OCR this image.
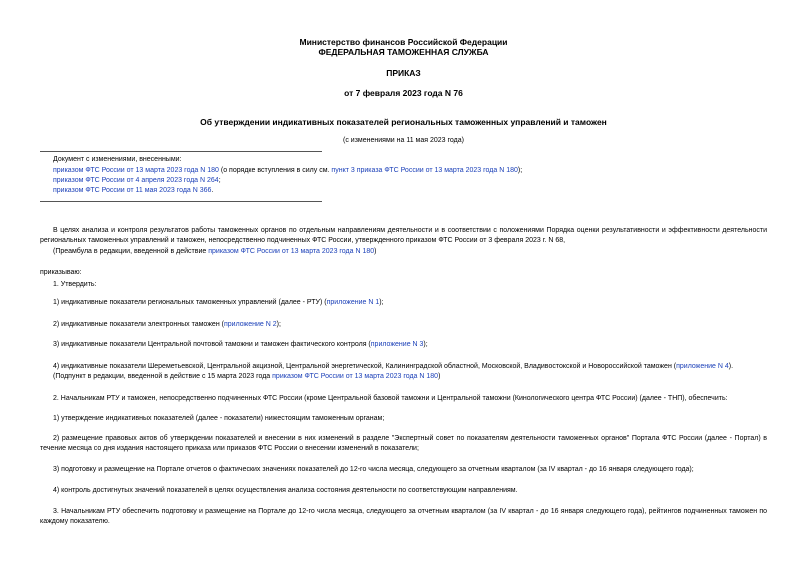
Министерство финансов Российской Федерации
ФЕДЕРАЛЬНАЯ ТАМОЖЕННАЯ СЛУЖБА
ПРИКАЗ
от 7 февраля 2023 года N 76
Об утверждении индикативных показателей региональных таможенных управлений и таможен
(с изменениями на 11 мая 2023 года)
Документ с изменениями, внесенными:
приказом ФТС России от 13 марта 2023 года N 180 (о порядке вступления в силу см. пункт 3 приказа ФТС России от 13 марта 2023 года N 180);
приказом ФТС России от 4 апреля 2023 года N 264;
приказом ФТС России от 11 мая 2023 года N 366.
В целях анализа и контроля результатов работы таможенных органов по отдельным направлениям деятельности и в соответствии с положениями Порядка оценки результативности и эффективности деятельности региональных таможенных управлений и таможен, непосредственно подчиненных ФТС России, утвержденного приказом ФТС России от 3 февраля 2023 г. N 68,
(Преамбула в редакции, введенной в действие приказом ФТС России от 13 марта 2023 года N 180)
приказываю:
1. Утвердить:
1) индикативные показатели региональных таможенных управлений (далее - РТУ) (приложение N 1);
2) индикативные показатели электронных таможен (приложение N 2);
3) индикативные показатели Центральной почтовой таможни и таможен фактического контроля (приложение N 3);
4) индикативные показатели Шереметьевской, Центральной акцизной, Центральной энергетической, Калининградской областной, Московской, Владивостокской и Новороссийской таможен (приложение N 4).
(Подпункт в редакции, введенной в действие с 15 марта 2023 года приказом ФТС России от 13 марта 2023 года N 180)
2. Начальникам РТУ и таможен, непосредственно подчиненных ФТС России (кроме Центральной базовой таможни и Центральной таможни (Кинологического центра ФТС России) (далее - ТНП), обеспечить:
1) утверждение индикативных показателей (далее - показатели) нижестоящим таможенным органам;
2) размещение правовых актов об утверждении показателей и внесении в них изменений в разделе "Экспертный совет по показателям деятельности таможенных органов" Портала ФТС России (далее - Портал) в течение месяца со дня издания настоящего приказа или приказов ФТС России о внесении изменений в показатели;
3) подготовку и размещение на Портале отчетов о фактических значениях показателей до 12-го числа месяца, следующего за отчетным кварталом (за IV квартал - до 16 января следующего года);
4) контроль достигнутых значений показателей в целях осуществления анализа состояния деятельности по соответствующим направлениям.
3. Начальникам РТУ обеспечить подготовку и размещение на Портале до 12-го числа месяца, следующего за отчетным кварталом (за IV квартал - до 16 января следующего года), рейтингов подчиненных таможен по каждому показателю.
